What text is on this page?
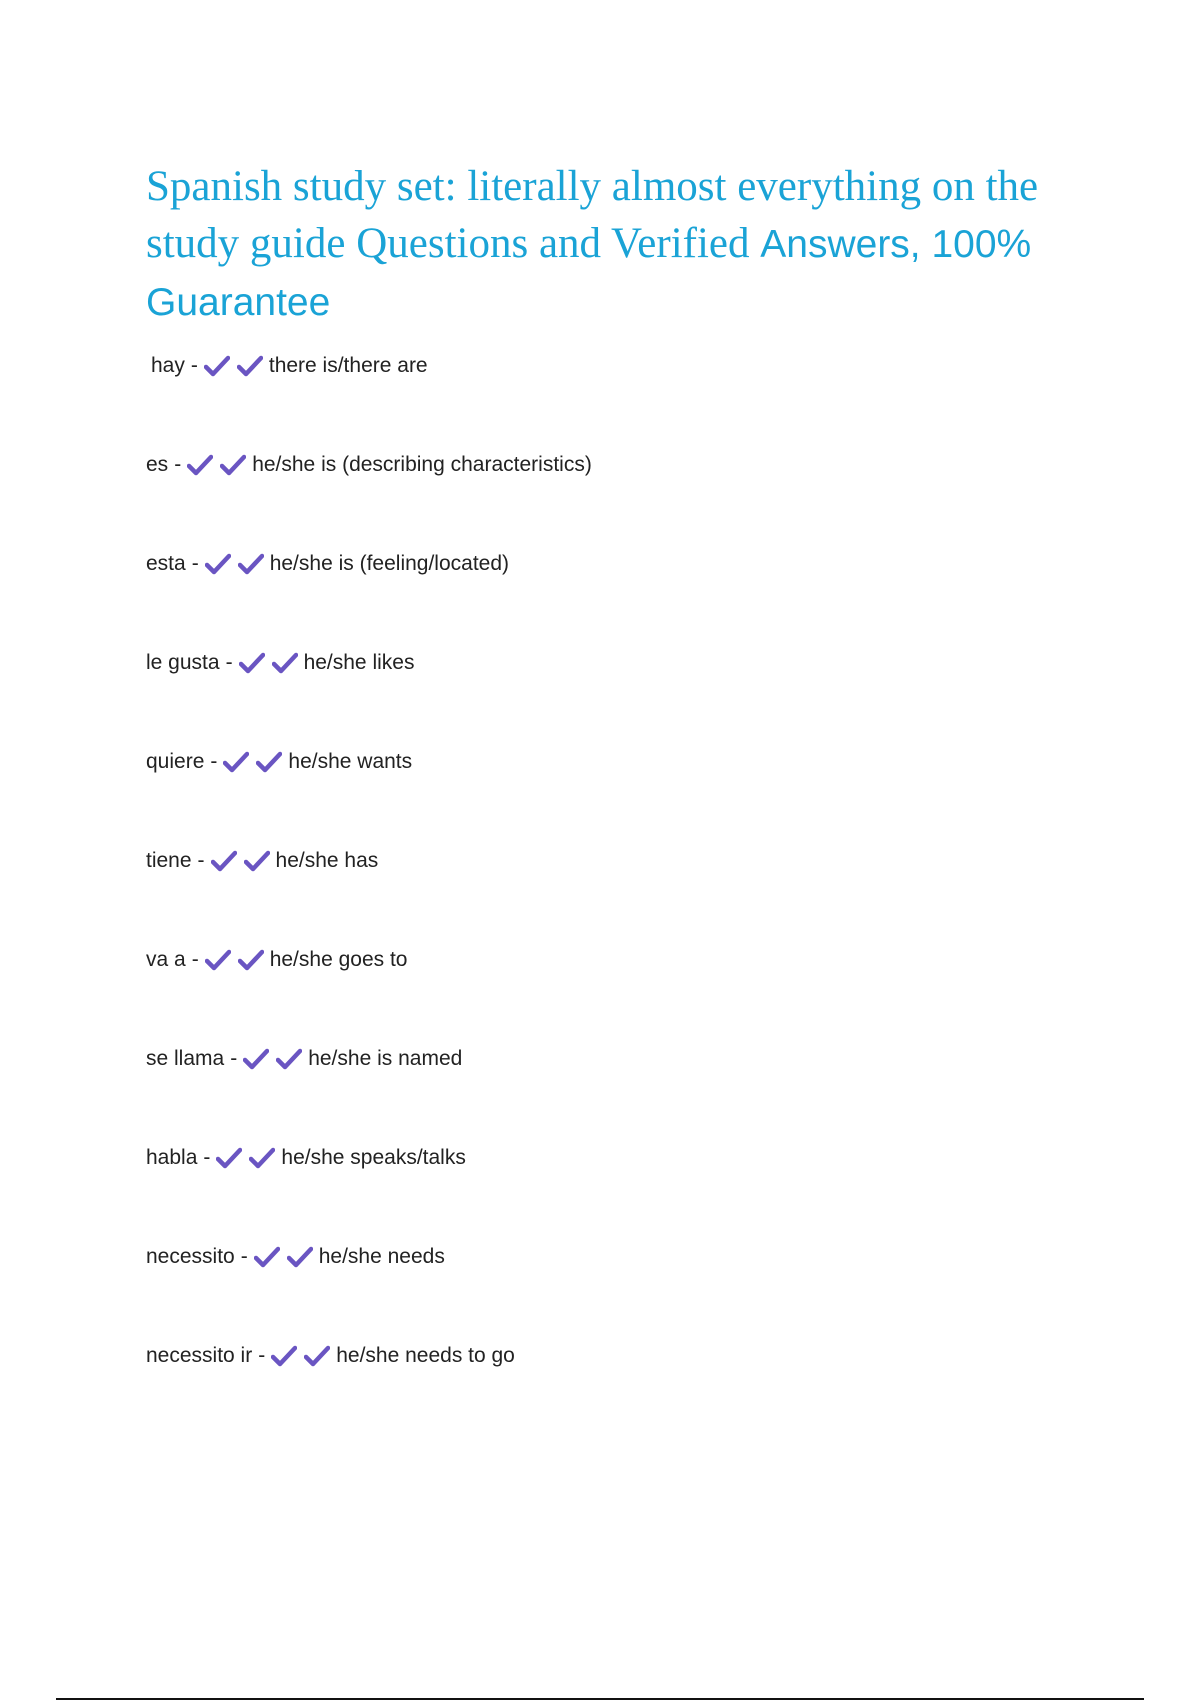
Spanish study set: literally almost everything on the study guide Questions and Verified Answers, 100% Guarantee
hay -	there is/there are
es -	he/she is (describing characteristics)
esta -	he/she is (feeling/located)
le gusta -	he/she likes
quiere -	he/she wants
tiene -	he/she has
va a -	he/she goes to
se llama -	he/she is named
habla -	he/she speaks/talks
necessito -	he/she needs
necessito ir -	he/she needs to go
